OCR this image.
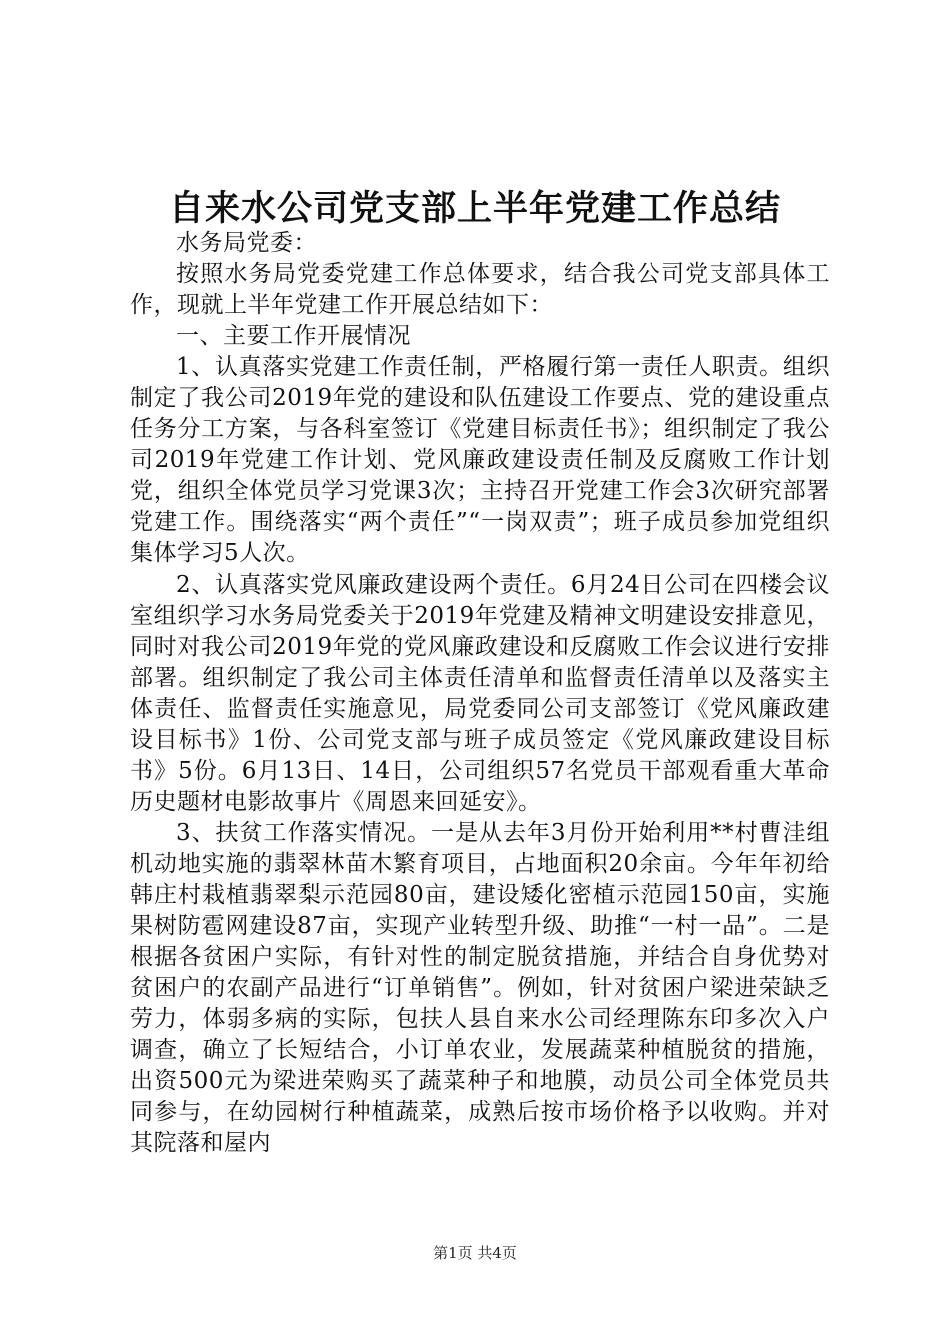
自来水公司党支部上半年党建工作总结

水务局党委：

按照水务局党委党建工作总体要求，结合我公司党支部具体工作，现就上半年党建工作开展总结如下：

一、主要工作开展情况

1、认真落实党建工作责任制，严格履行第一责任人职责。组织制定了我公司2019年党的建设和队伍建设工作要点、党的建设重点任务分工方案，与各科室签订《党建目标责任书》；组织制定了我公司2019年党建工作计划、党风廉政建设责任制及反腐败工作计划党，组织全体党员学习党课3次；主持召开党建工作会3次研究部署党建工作。围绕落实“两个责任”“一岗双责”；班子成员参加党组织集体学习5人次。

2、认真落实党风廉政建设两个责任。6月24日公司在四楼会议室组织学习水务局党委关于2019年党建及精神文明建设安排意见，同时对我公司2019年党的党风廉政建设和反腐败工作会议进行安排部署。组织制定了我公司主体责任清单和监督责任清单以及落实主体责任、监督责任实施意见，局党委同公司支部签订《党风廉政建设目标书》1份、公司党支部与班子成员签定《党风廉政建设目标书》5份。6月13日、14日，公司组织57名党员干部观看重大革命历史题材电影故事片《周恩来回延安》。

3、扶贫工作落实情况。一是从去年3月份开始利用**村曹洼组机动地实施的翡翠林苗木繁育项目，占地面积20余亩。今年年初给韩庄村栽植翡翠梨示范园80亩，建设矮化密植示范园150亩，实施果树防雹网建设87亩，实现产业转型升级、助推“一村一品”。二是根据各贫困户实际，有针对性的制定脱贫措施，并结合自身优势对贫困户的农副产品进行“订单销售”。例如，针对贫困户梁进荣缺乏劳力，体弱多病的实际，包扶人县自来水公司经理陈东印多次入户调查，确立了长短结合，小订单农业，发展蔬菜种植脱贫的措施，出资500元为梁进荣购买了蔬菜种子和地膜，动员公司全体党员共同参与，在幼园树行种植蔬菜，成熟后按市场价格予以收购。并对其院落和屋内

第1页 共4页
